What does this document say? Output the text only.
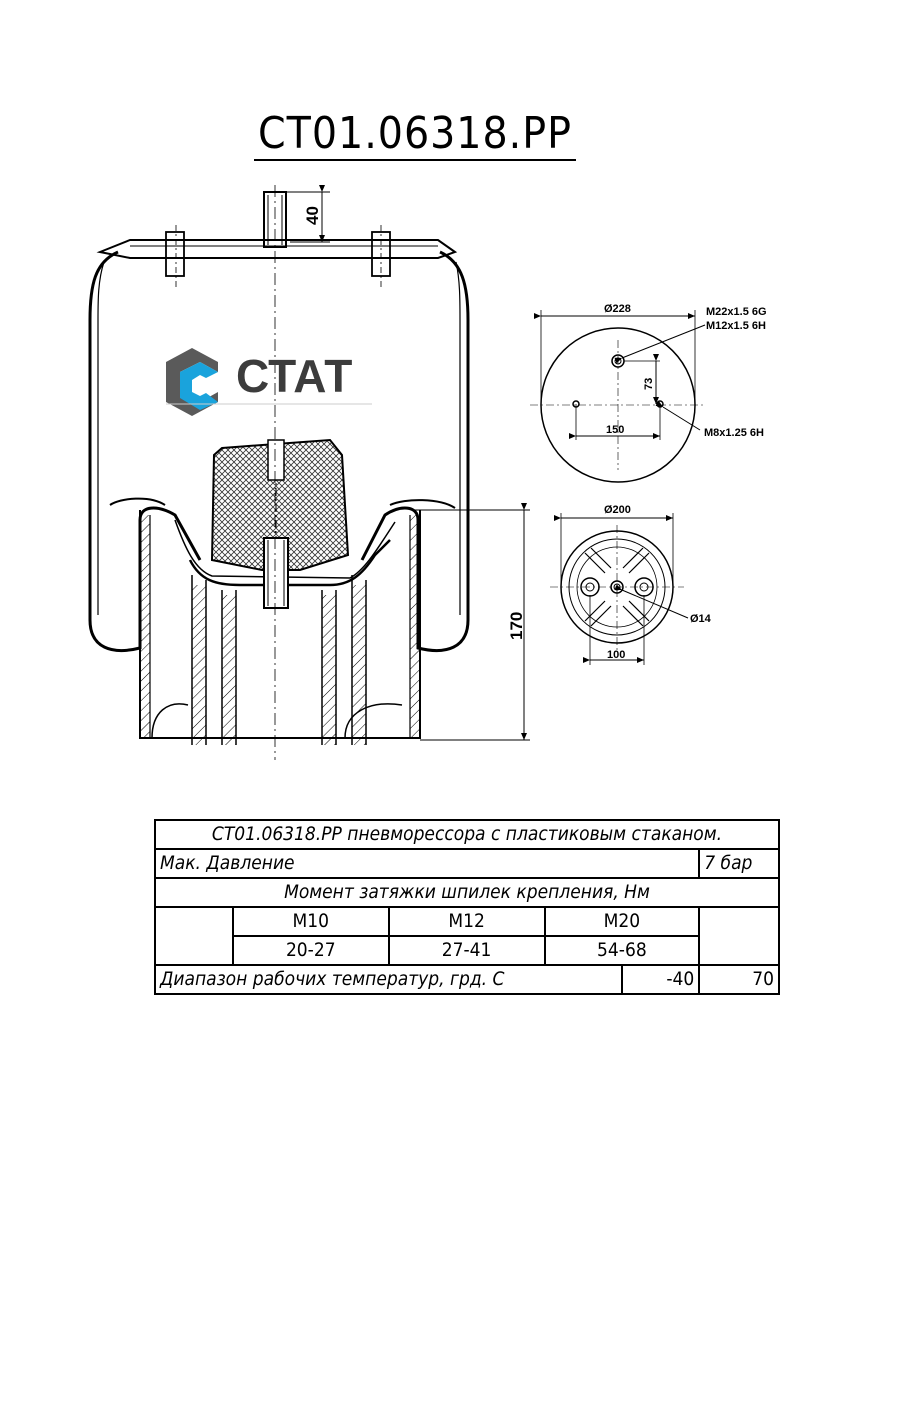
CT01.06318.PP
40
170
СТАТ
Ø228	M22x1.5 6G
M12x1.5 6H
73
150	M8x1.25 6H
Ø200
Ø14
100
CT01.06318.PP пневморессора с пластиковым стаканом.					
Мак. Давление					7 бар
Момент затяжки шпилек крепления, Нм					
	M10	M12	M20		
	20-27	27-41	54-68		
Диапазон рабочих температур, грд. С				-40	70
